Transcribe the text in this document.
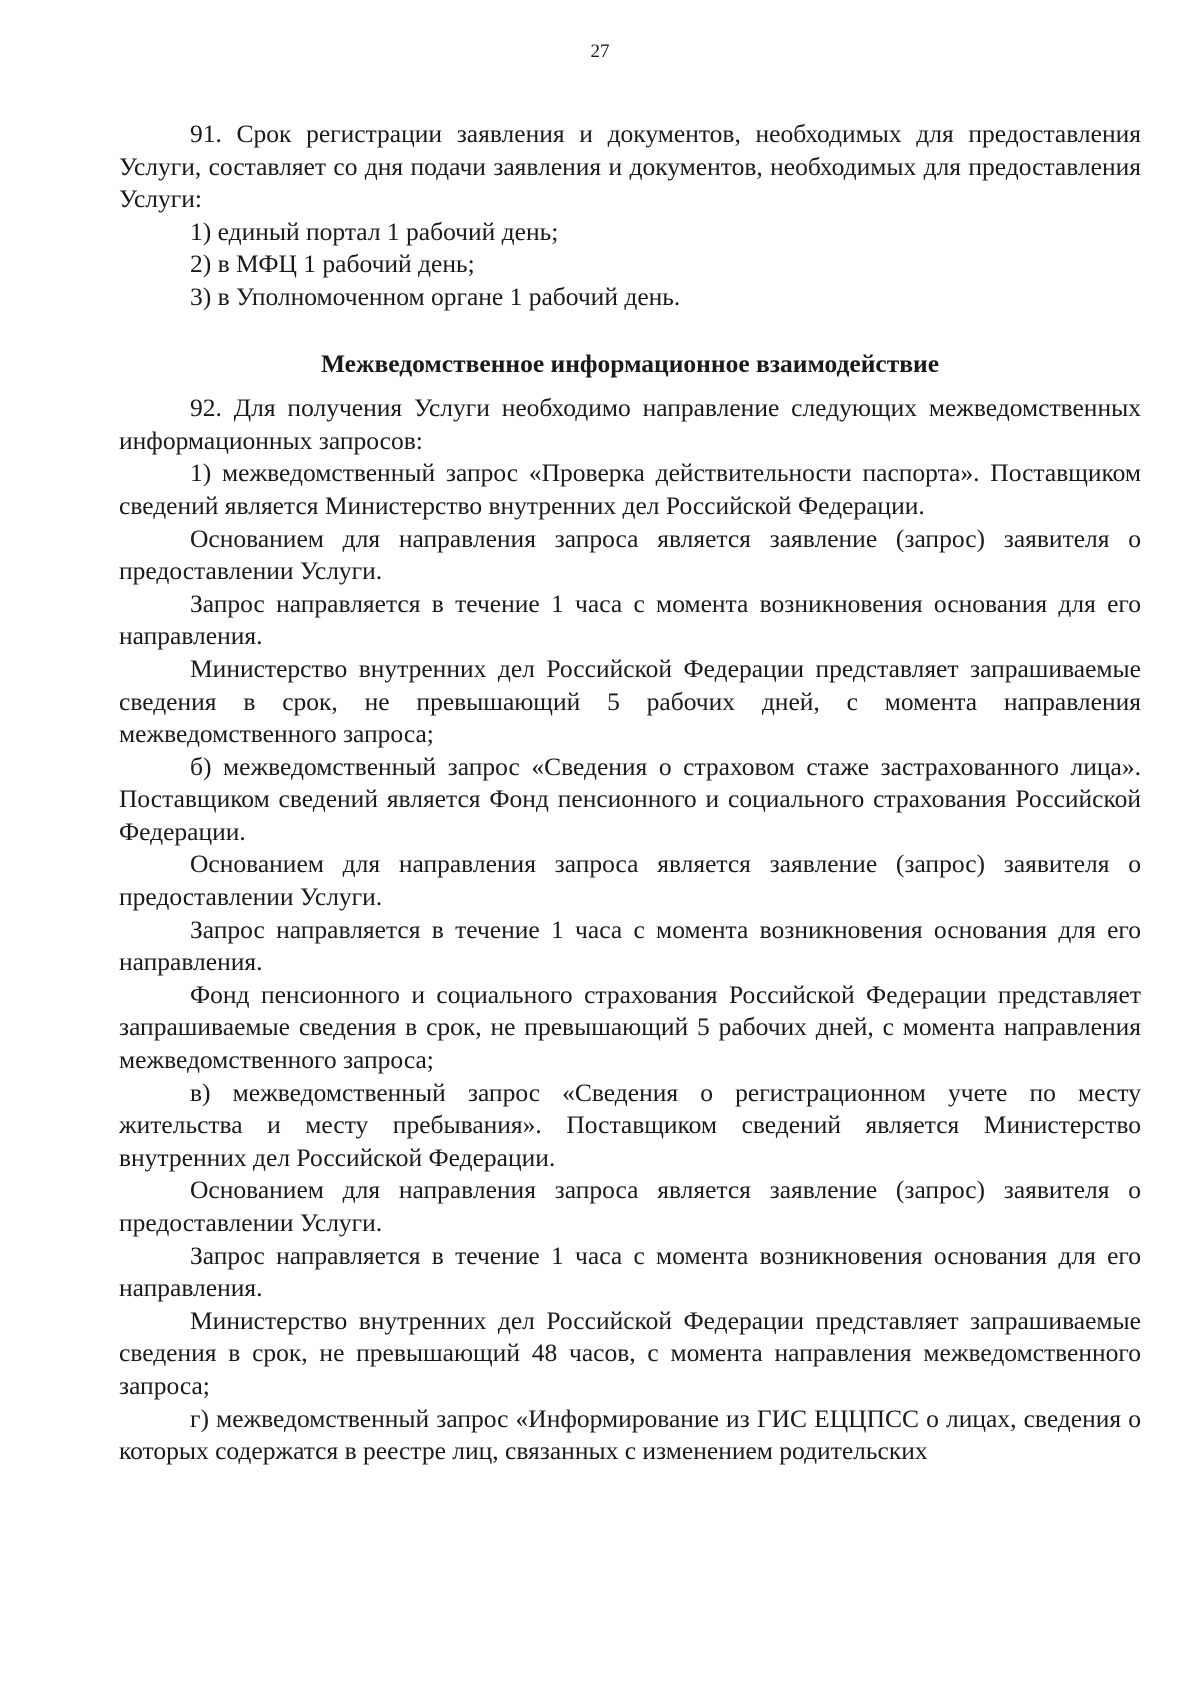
27

91. Срок регистрации заявления и документов, необходимых для предоставления Услуги, составляет со дня подачи заявления и документов, необходимых для предоставления Услуги:

1) единый портал 1 рабочий день;

2) в МФЦ 1 рабочий день;

3) в Уполномоченном органе 1 рабочий день.

Межведомственное информационное взаимодействие

92. Для получения Услуги необходимо направление следующих межведомственных информационных запросов:

1) межведомственный запрос «Проверка действительности паспорта». Поставщиком сведений является Министерство внутренних дел Российской Федерации.

Основанием для направления запроса является заявление (запрос) заявителя о предоставлении Услуги.

Запрос направляется в течение 1 часа с момента возникновения основания для его направления.

Министерство внутренних дел Российской Федерации представляет запрашиваемые сведения в срок, не превышающий 5 рабочих дней, с момента направления межведомственного запроса;

б) межведомственный запрос «Сведения о страховом стаже застрахованного лица». Поставщиком сведений является Фонд пенсионного и социального страхования Российской Федерации.

Основанием для направления запроса является заявление (запрос) заявителя о предоставлении Услуги.

Запрос направляется в течение 1 часа с момента возникновения основания для его направления.

Фонд пенсионного и социального страхования Российской Федерации представляет запрашиваемые сведения в срок, не превышающий 5 рабочих дней, с момента направления межведомственного запроса;

в) межведомственный запрос «Сведения о регистрационном учете по месту жительства и месту пребывания». Поставщиком сведений является Министерство внутренних дел Российской Федерации.

Основанием для направления запроса является заявление (запрос) заявителя о предоставлении Услуги.

Запрос направляется в течение 1 часа с момента возникновения основания для его направления.

Министерство внутренних дел Российской Федерации представляет запрашиваемые сведения в срок, не превышающий 48 часов, с момента направления межведомственного запроса;

г) межведомственный запрос «Информирование из ГИС ЕЦЦПСС о лицах, сведения о которых содержатся в реестре лиц, связанных с изменением родительских
